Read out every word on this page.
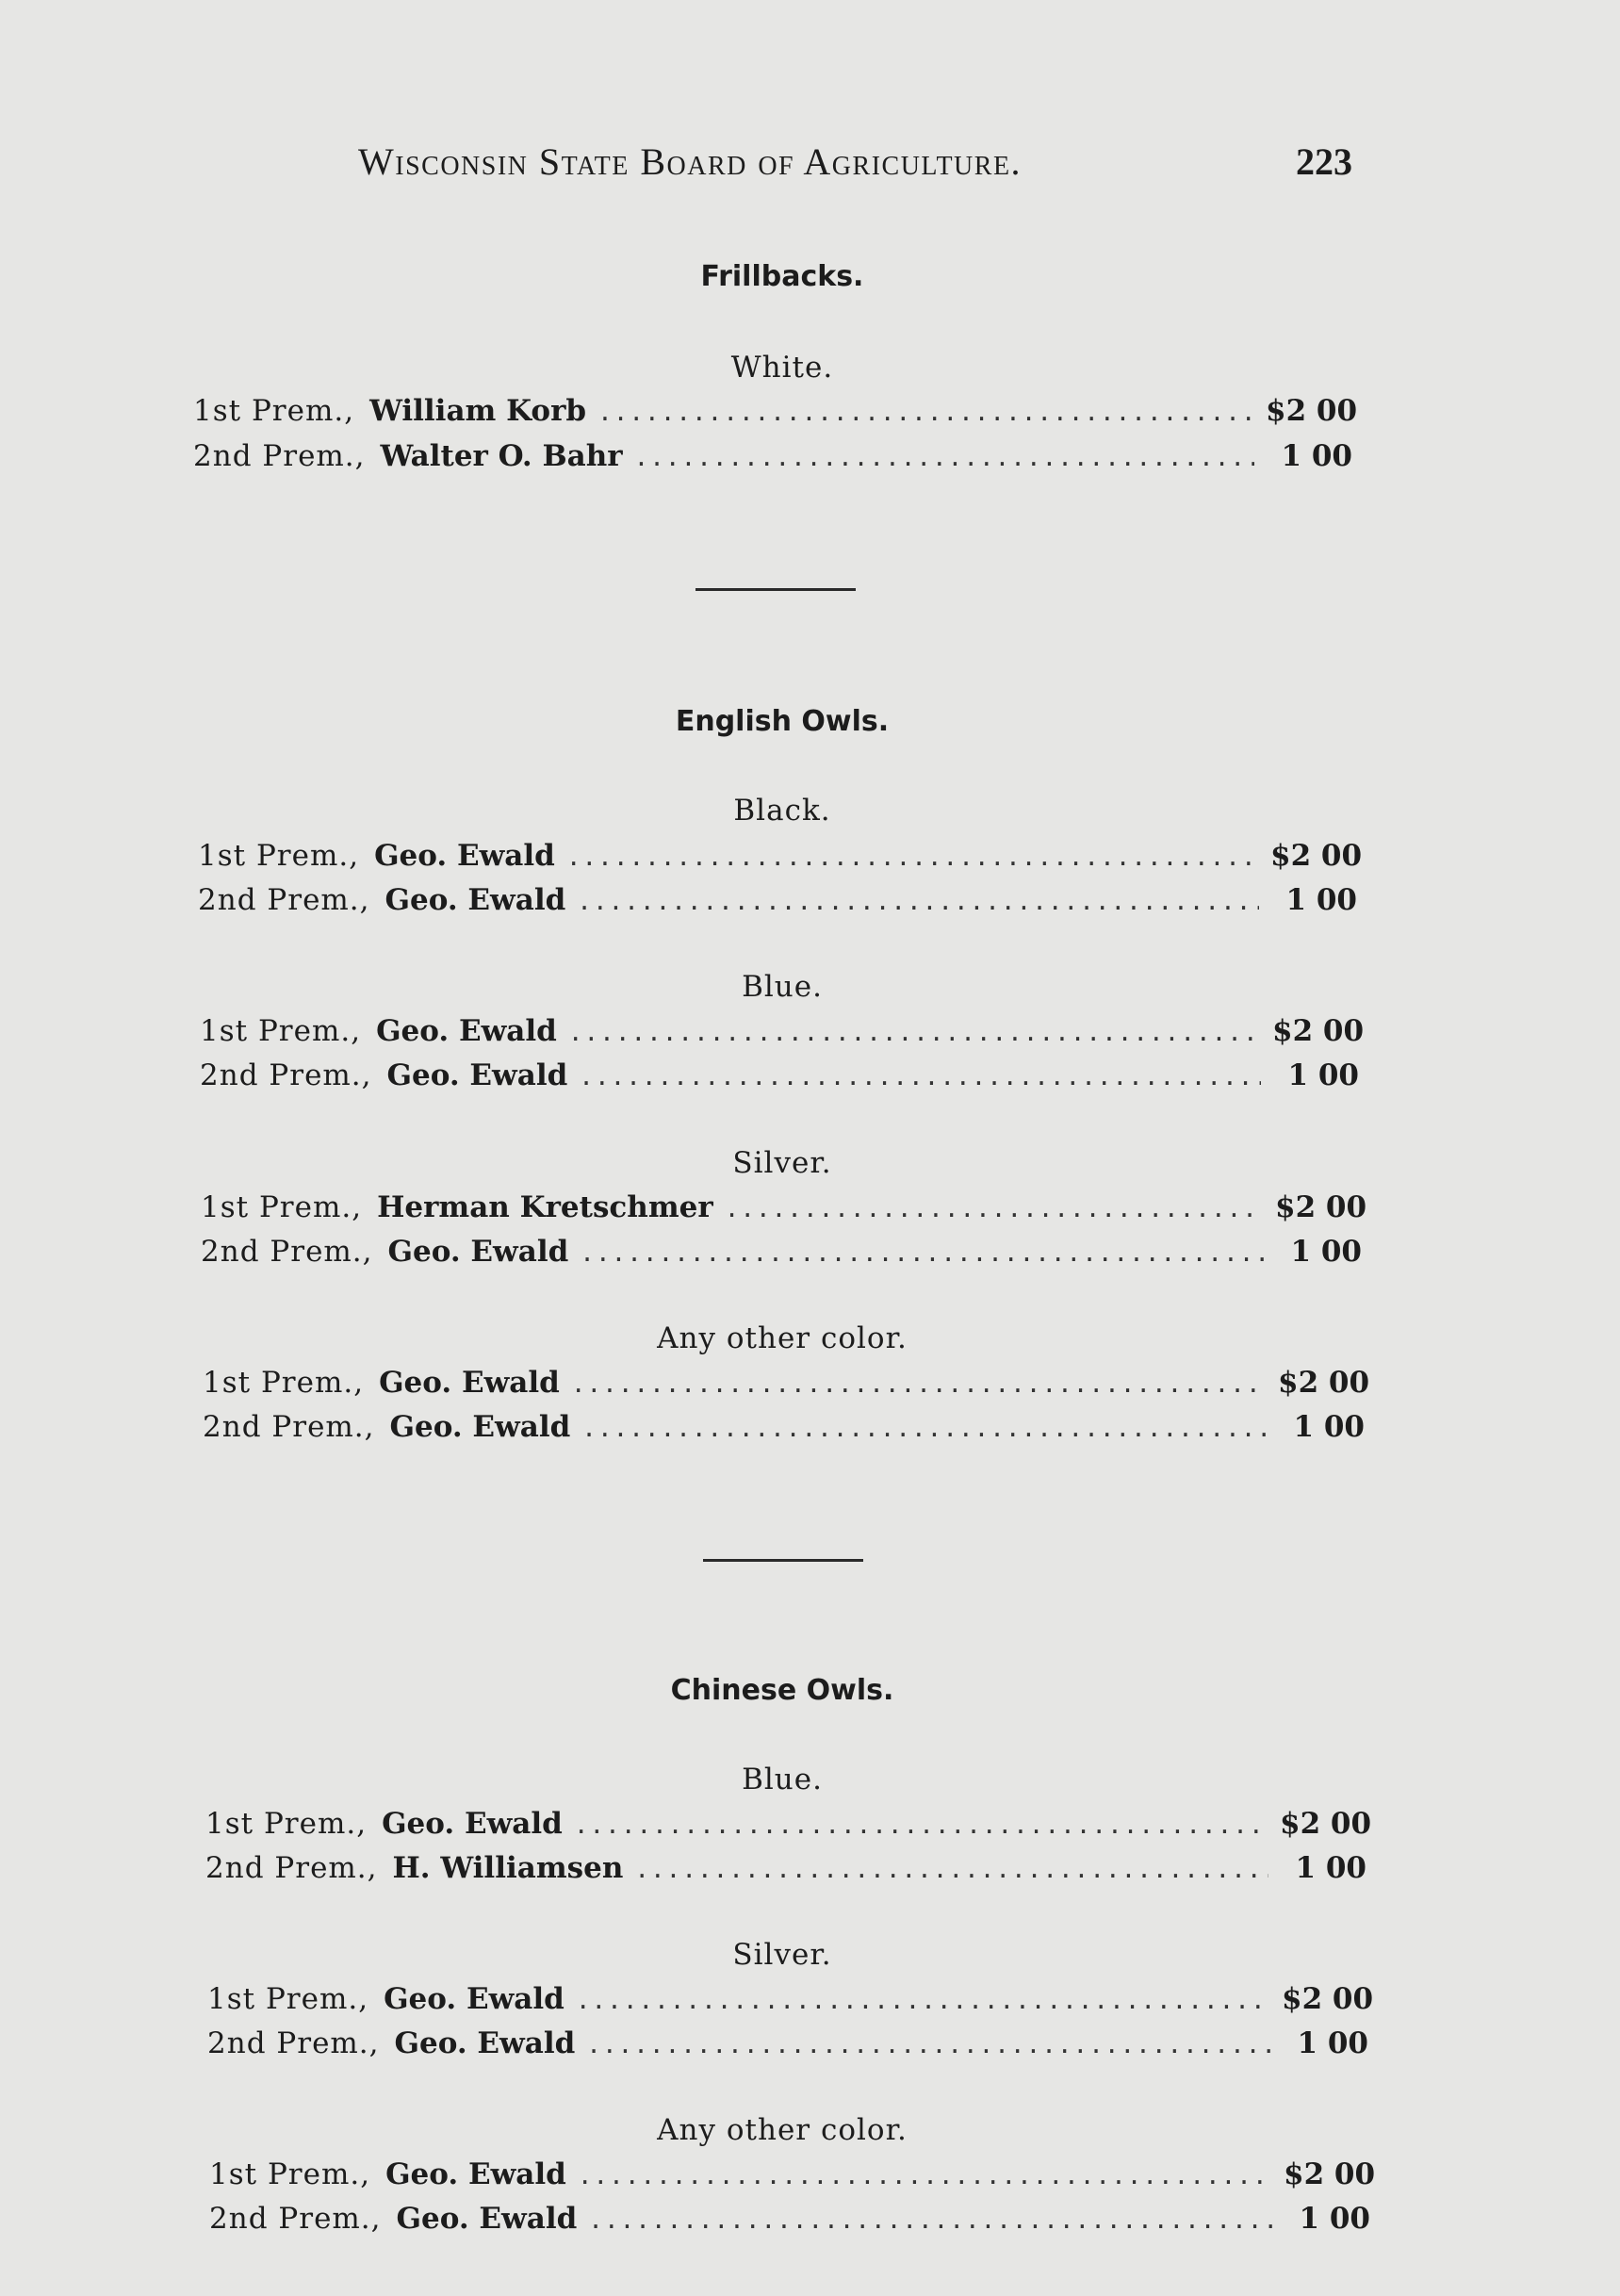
Wisconsin State Board of Agriculture.	223
Frillbacks.
White.
1st Prem., William Korb .....	$2 00
2nd Prem., Walter O. Bahr .....	1 00
English Owls.
Black.
1st Prem., Geo. Ewald .....	$2 00
2nd Prem., Geo. Ewald .....	1 00
Blue.
1st Prem., Geo. Ewald .....	$2 00
2nd Prem., Geo. Ewald .....	1 00
Silver.
1st Prem., Herman Kretschmer .....	$2 00
2nd Prem., Geo. Ewald .....	1 00
Any other color.
1st Prem., Geo. Ewald .....	$2 00
2nd Prem., Geo. Ewald .....	1 00
Chinese Owls.
Blue.
1st Prem., Geo. Ewald .....	$2 00
2nd Prem., H. Williamsen .....	1 00
Silver.
1st Prem., Geo. Ewald .....	$2 00
2nd Prem., Geo. Ewald .....	1 00
Any other color.
1st Prem., Geo. Ewald .....	$2 00
2nd Prem., Geo. Ewald .....	1 00
